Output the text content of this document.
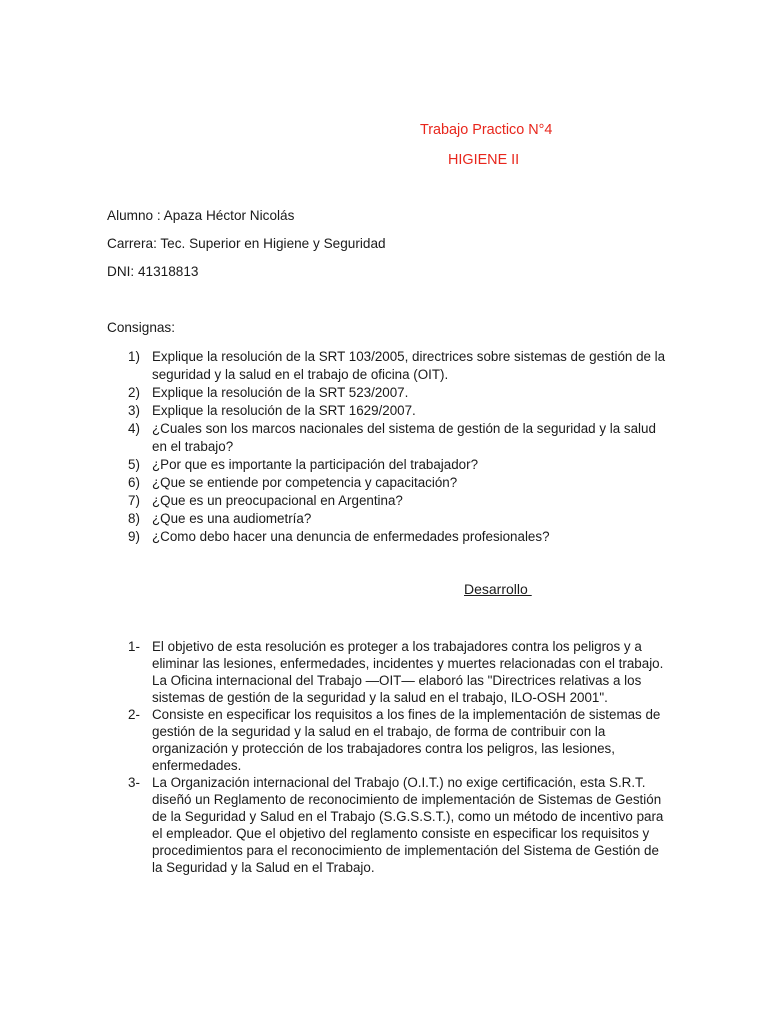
Trabajo Practico N°4
HIGIENE II
Alumno : Apaza Héctor Nicolás
Carrera: Tec. Superior en Higiene y Seguridad
DNI: 41318813
Consignas:
1) Explique la resolución de la SRT 103/2005, directrices sobre sistemas de gestión de la seguridad y la salud en el trabajo de oficina (OIT).
2) Explique la resolución de la SRT 523/2007.
3) Explique la resolución de la SRT 1629/2007.
4) ¿Cuales son los marcos nacionales del sistema de gestión de la seguridad y la salud en el trabajo?
5) ¿Por que es importante la participación del trabajador?
6) ¿Que se entiende por competencia y capacitación?
7) ¿Que es un preocupacional en Argentina?
8) ¿Que es una audiometría?
9) ¿Como debo hacer una denuncia de enfermedades profesionales?
Desarrollo
1- El objetivo de esta resolución es proteger a los trabajadores contra los peligros y a eliminar las lesiones, enfermedades, incidentes y muertes relacionadas con el trabajo. La Oficina internacional del Trabajo —OIT— elaboró las "Directrices relativas a los sistemas de gestión de la seguridad y la salud en el trabajo, ILO-OSH 2001".
2- Consiste en especificar los requisitos a los fines de la implementación de sistemas de gestión de la seguridad y la salud en el trabajo, de forma de contribuir con la organización y protección de los trabajadores contra los peligros, las lesiones, enfermedades.
3- La Organización internacional del Trabajo (O.I.T.) no exige certificación, esta S.R.T. diseñó un Reglamento de reconocimiento de implementación de Sistemas de Gestión de la Seguridad y Salud en el Trabajo (S.G.S.S.T.), como un método de incentivo para el empleador. Que el objetivo del reglamento consiste en especificar los requisitos y procedimientos para el reconocimiento de implementación del Sistema de Gestión de la Seguridad y la Salud en el Trabajo.
